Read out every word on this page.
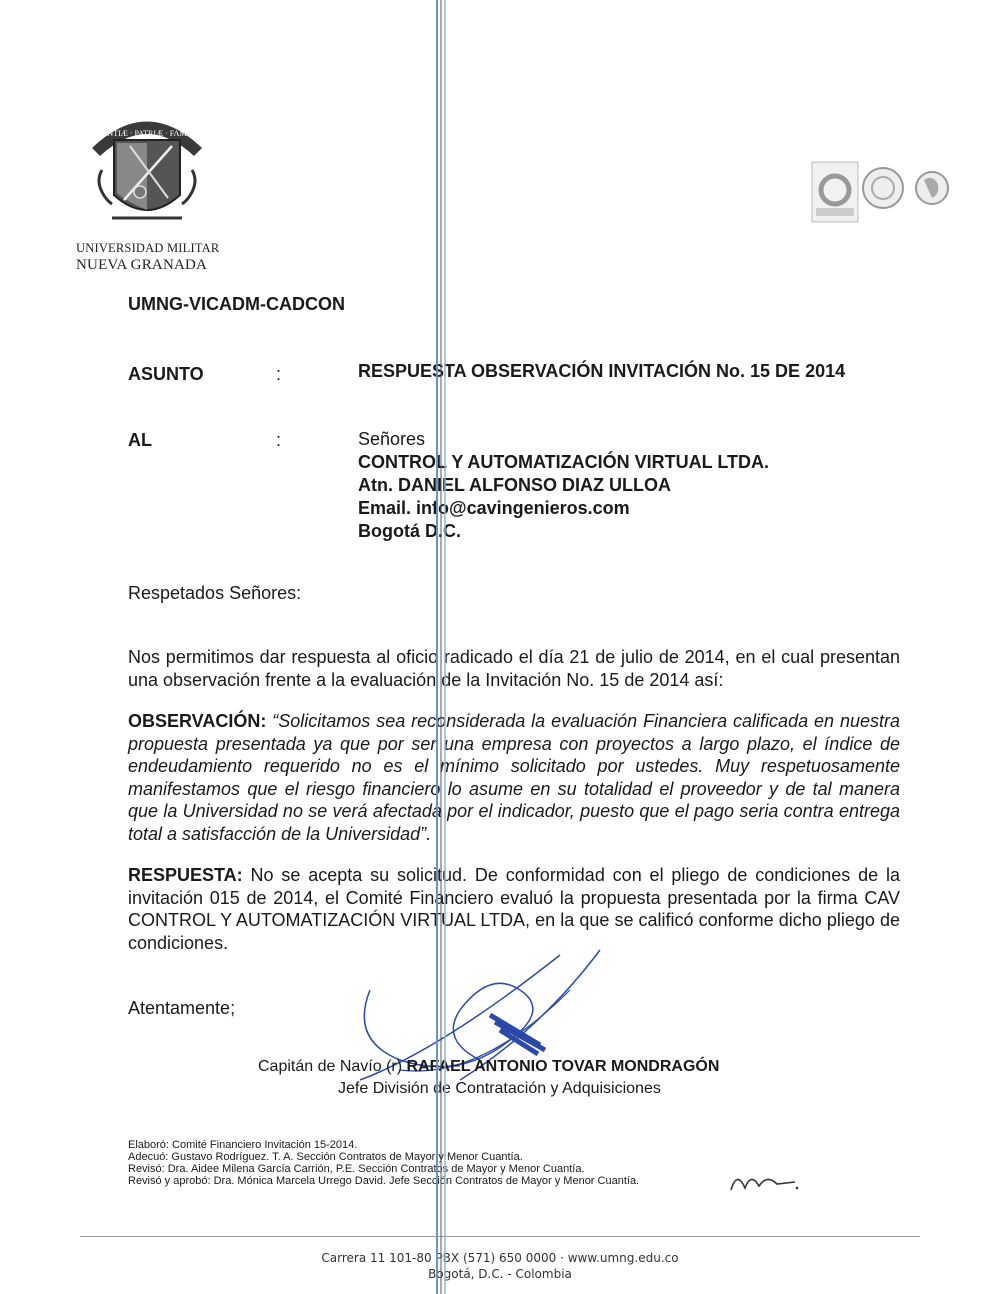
SCIENTIÆ · PATRIÆ · FAMILIÆ
UNIVERSIDAD MILITAR
NUEVA GRANADA
UMNG-VICADM-CADCON
ASUNTO	:	RESPUESTA OBSERVACIÓN INVITACIÓN No. 15 DE 2014
AL	:	Señores
CONTROL Y AUTOMATIZACIÓN VIRTUAL LTDA.
Atn. DANIEL ALFONSO DIAZ ULLOA
Email. info@cavingenieros.com
Bogotá D.C.
Respetados Señores:
Nos permitimos dar respuesta al oficio radicado el día 21 de julio de 2014, en el cual presentan una observación frente a la evaluación de la Invitación No. 15 de 2014 así:
OBSERVACIÓN: “Solicitamos sea reconsiderada la evaluación Financiera calificada en nuestra propuesta presentada ya que por ser una empresa con proyectos a largo plazo, el índice de endeudamiento requerido no es el mínimo solicitado por ustedes. Muy respetuosamente manifestamos que el riesgo financiero lo asume en su totalidad el proveedor y de tal manera que la Universidad no se verá afectada por el indicador, puesto que el pago seria contra entrega total a satisfacción de la Universidad”.
RESPUESTA: No se acepta su solicitud. De conformidad con el pliego de condiciones de la invitación 015 de 2014, el Comité Financiero evaluó la propuesta presentada por la firma CAV CONTROL Y AUTOMATIZACIÓN VIRTUAL LTDA, en la que se calificó conforme dicho pliego de condiciones.
Atentamente;
Capitán de Navío (r) RAFAEL ANTONIO TOVAR MONDRAGÓN
Jefe División de Contratación y Adquisiciones
Elaboró: Comité Financiero Invitación 15-2014.
Adecuó: Gustavo Rodríguez. T. A. Sección Contratos de Mayor y Menor Cuantía.
Revisó: Dra. Aidee Milena García Carrión, P.E. Sección Contratos de Mayor y Menor Cuantía.
Revisó y aprobó: Dra. Mónica Marcela Urrego David. Jefe Sección Contratos de Mayor y Menor Cuantía.
Carrera 11 101-80 PBX (571) 650 0000 · www.umng.edu.co
Bogotá, D.C. - Colombia
